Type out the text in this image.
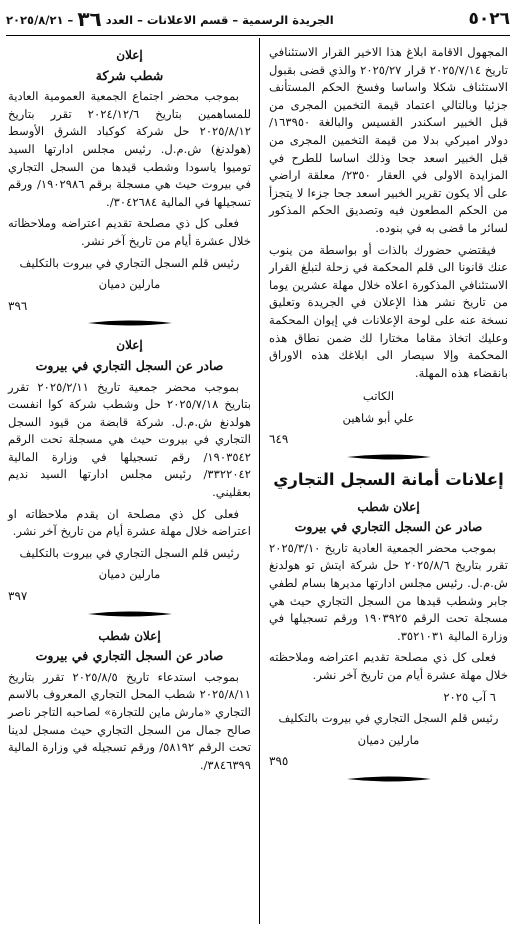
٥٠٢٦
الجريدة الرسمية – قسم الاعلانات – العدد ٣٦ – ٢٠٢٥/٨/٢١

المجهول الاقامة ابلاغ هذا الاخير القرار الاستئنافي تاريخ ٢٠٢٥/٧/١٤ قرار ٢٠٢٥/٢٧ والذي قضى بقبول الاستئناف شكلا واساسا وفسخ الحكم المستأنف جزئيا وبالتالي اعتماد قيمة التخمين المجرى من قبل الخبير اسكندر القسيس والبالغة ١٦٣٩٥٠/ دولار اميركي بدلا من قيمة التخمين المجرى من قبل الخبير اسعد جحا وذلك اساسا للطرح في المزايدة الاولى في العقار ٢٣٥٠/ معلقة اراضي على ألا يكون تقرير الخبير اسعد جحا جزءا لا يتجزأ من الحكم المطعون فيه وتصديق الحكم المذكور لسائر ما قضى به في بنوده.

فيقتضي حضورك بالذات أو بواسطة من ينوب عنك قانونا الى قلم المحكمة في زحلة لتبلغ القرار الاستئنافي المذكورة اعلاه خلال مهلة عشرين يوما من تاريخ نشر هذا الإعلان في الجريدة وتعليق نسخة عنه على لوحة الإعلانات في إيوان المحكمة وعليك اتخاذ مقاما مختارا لك ضمن نطاق هذه المحكمة وإلا سيصار الى ابلاغك هذه الاوراق بانقضاء هذه المهلة.

الكاتب

علي أبو شاهين

٦٤٩
إعلانات أمانة السجل التجاري
إعلان شطب
صادر عن السجل التجاري في بيروت

بموجب محضر الجمعية العادية تاريخ ٢٠٢٥/٣/١٠ تقرر بتاريخ ٢٠٢٥/٨/٦ حل شركة ايتش تو هولدنغ ش.م.ل. رئيس مجلس ادارتها مديرها بسام لطفي جابر وشطب قيدها من السجل التجاري حيث هي مسجلة تحت الرقم ١٩٠٣٩٢٥ ورقم تسجيلها في وزارة المالية ٣٥٢١٠٣١.

فعلى كل ذي مصلحة تقديم اعتراضه وملاحظته خلال مهلة عشرة أيام من تاريخ آخر نشر.

٦ آب ٢٠٢٥

رئيس قلم السجل التجاري في بيروت بالتكليف

مارلين دميان

٣٩٥
إعلان
شطب شركة

بموجب محضر اجتماع الجمعية العمومية العادية للمساهمين بتاريخ ٢٠٢٤/١٢/٦ تقرر بتاريخ ٢٠٢٥/٨/١٢ حل شركة كوكباد الشرق الأوسط (هولدنغ) ش.م.ل. رئيس مجلس ادارتها السيد توميوا ياسودا وشطب قيدها من السجل التجاري في بيروت حيث هي مسجلة برقم ١٩٠٢٩٨٦/ ورقم تسجيلها في المالية ٣٠٤٢٦٨٤/.

فعلى كل ذي مصلحة تقديم اعتراضه وملاحظاته خلال عشرة أيام من تاريخ آخر نشر.

رئيس قلم السجل التجاري في بيروت بالتكليف

مارلين دميان

٣٩٦
إعلان
صادر عن السجل التجاري في بيروت

بموجب محضر جمعية تاريخ ٢٠٢٥/٢/١١ تقرر بتاريخ ٢٠٢٥/٧/١٨ حل وشطب شركة كوا انفست هولدنغ ش.م.ل. شركة قابضة من قيود السجل التجاري في بيروت حيث هي مسجلة تحت الرقم ١٩٠٣٥٤٢/ رقم تسجيلها في وزارة المالية ٣٣٢٢٠٤٢/ رئيس مجلس ادارتها السيد نديم بعقليني.

فعلى كل ذي مصلحة ان يقدم ملاحظاته او اعتراضه خلال مهلة عشرة أيام من تاريخ آخر نشر.

رئيس قلم السجل التجاري في بيروت بالتكليف

مارلين دميان

٣٩٧
إعلان شطب
صادر عن السجل التجاري في بيروت

بموجب استدعاء تاريخ ٢٠٢٥/٨/٥ تقرر بتاريخ ٢٠٢٥/٨/١١ شطب المحل التجاري المعروف بالاسم التجاري «مارش ماين للتجارة» لصاحبه التاجر ناصر صالح جمال من السجل التجاري حيث مسجل لدينا تحت الرقم ٥٨١٩٢/ ورقم تسجيله في وزارة المالية ٣٨٤٦٣٩٩/.
